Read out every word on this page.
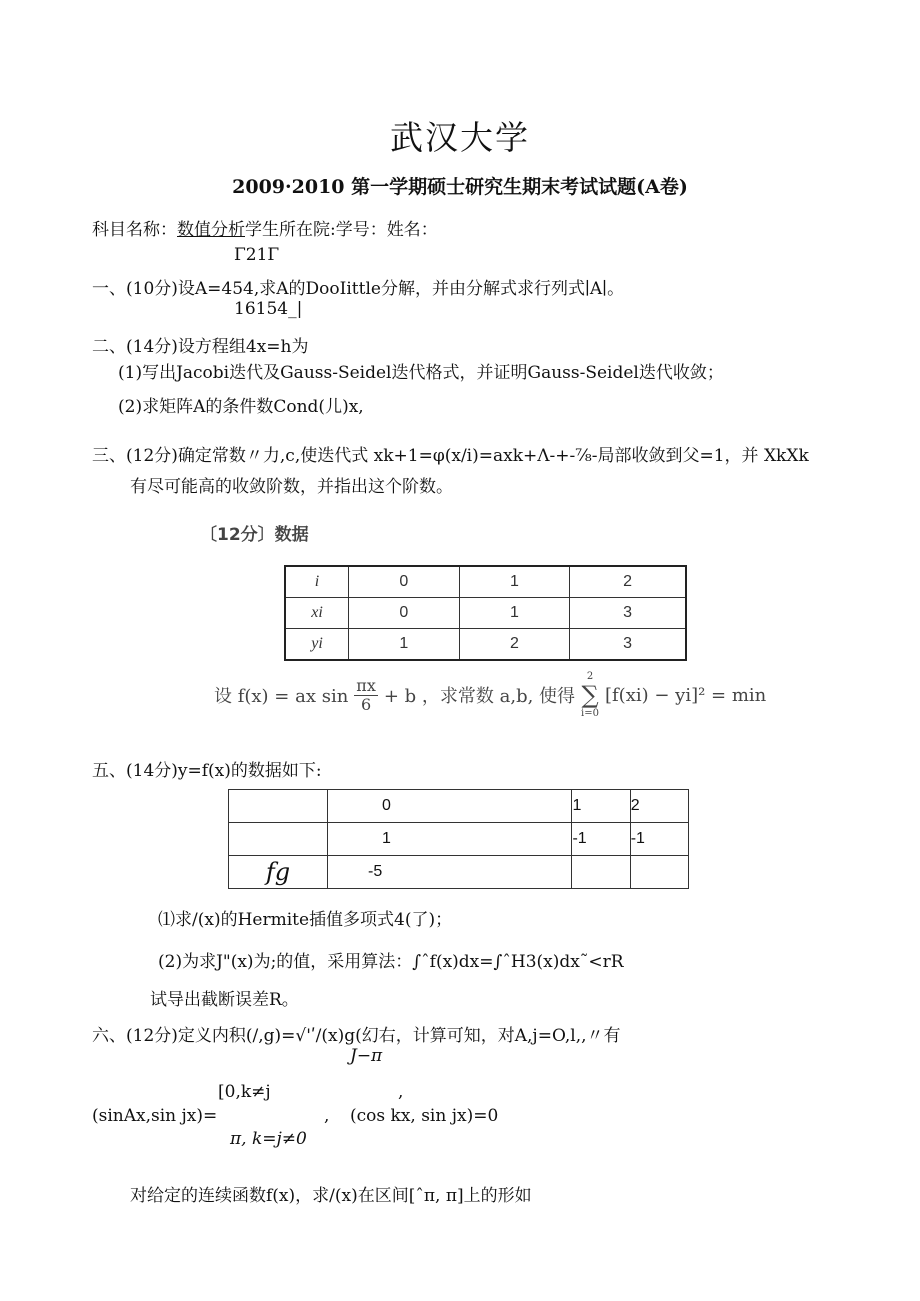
武汉大学
2009·2010 第一学期硕士研究生期末考试试题(A卷)
科目名称：数值分析学生所在院:学号：姓名：
Γ21Γ
一、(10分)设A=454,求A的DooIittle分解，并由分解式求行列式∣A∣。
16154_|
二、(14分)设方程组4x=h为
(1)写出Jacobi迭代及Gauss-Seidel迭代格式，并证明Gauss-Seidel迭代收敛；
(2)求矩阵A的条件数Cond(儿)x,
三、(12分)确定常数〃力,c,使迭代式 xk+1=φ(x/i)=axk+Λ-+-⅞-局部收敛到父=1，并 XkXk
有尽可能高的收敛阶数，并指出这个阶数。
〔12分〕数据
i	0	1	2
xi	0	1	3
yi	1	2	3
设 f(x) = ax $\sin \frac{\pi x}{6} + b$ ，求常数 a,b, 使得
2
∑
i=0
[f(xi) − yi]² = min
五、(14分)y=f(x)的数据如下:
	0	1	2
	1	-1	-1
fg	-5		
⑴求/(x)的Hermite插值多项式4(了)；
(2)为求J"(x)为;的值，采用算法：∫ˆf(x)dx=∫ˆH3(x)dx˜<rR
试导出截断误差R。
六、(12分)定义内积(/,g)=√'ʹ/(x)g(幻右，计算可知，对A,j=O,l,,〃有
J−π
[0,k≠j	,
(sinAx,sin jx)=	, (cos kx, sin jx)=0
π, k=j≠0
对给定的连续函数f(x)，求/(x)在区间[ˆπ, π]上的形如
